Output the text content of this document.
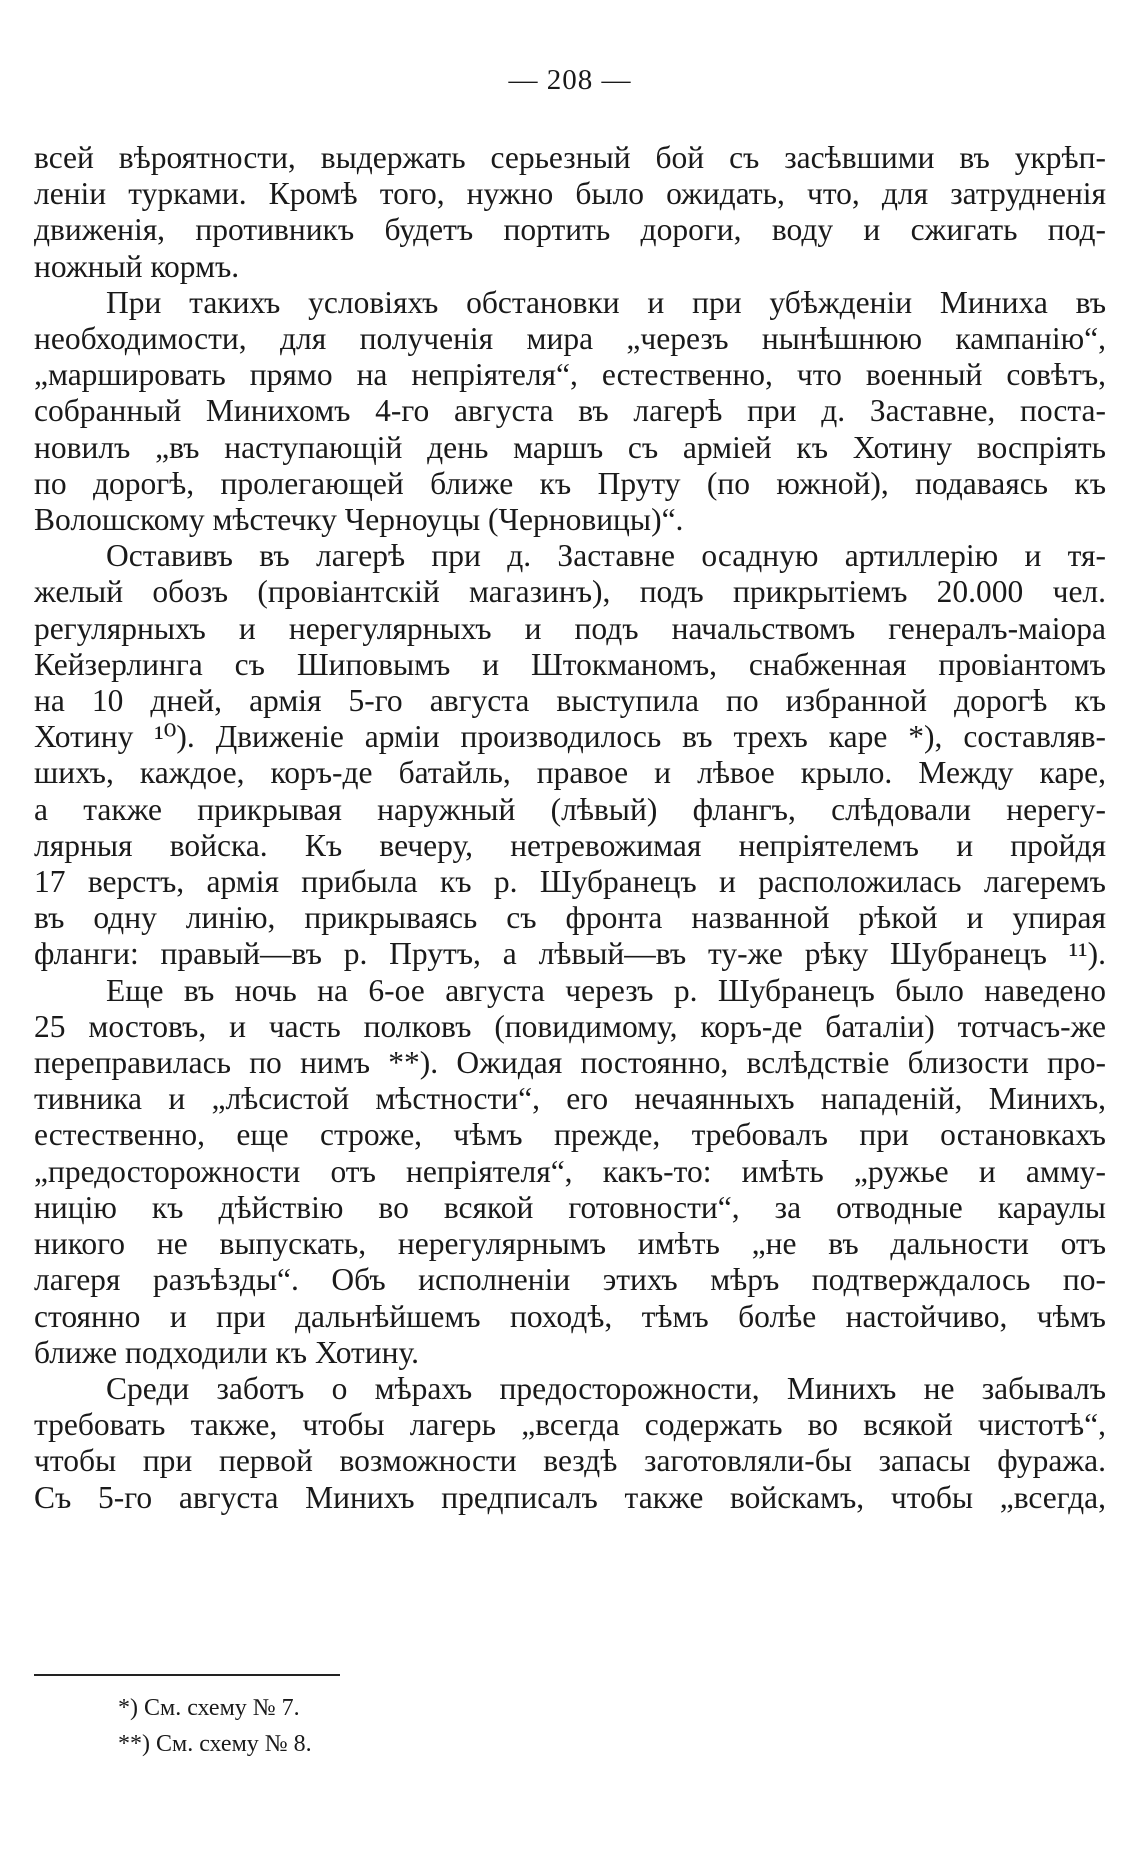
— 208 —
всей вѣроятности, выдержать серьезный бой съ засѣвшими въ укрѣп-
леніи турками. Кромѣ того, нужно было ожидать, что, для затрудненія
движенія, противникъ будетъ портить дороги, воду и сжигать под-
ножный кормъ.
При такихъ условіяхъ обстановки и при убѣжденіи Миниха въ
необходимости, для полученія мира „черезъ нынѣшнюю кампанію“,
„марширoвать прямо на непріятеля“, естественно, что военный совѣтъ,
собранный Минихомъ 4-го августа въ лагерѣ при д. Заставне, поста-
новилъ „въ наступающій день маршъ съ арміей къ Хотину воспріять
по дорогѣ, пролегающей ближе къ Пруту (по южной), подаваясь къ
Волошскому мѣстечку Черноуцы (Черновицы)“.
Оставивъ въ лагерѣ при д. Заставне осадную артиллерію и тя-
желый обозъ (провіантскій магазинъ), подъ прикрытіемъ 20.000 чел.
регулярныхъ и нерегулярныхъ и подъ начальствомъ генералъ-маіора
Кейзерлинга съ Шиповымъ и Штокманомъ, снабженная провіантомъ
на 10 дней, армія 5-го августа выступила по избранной дорогѣ къ
Хотину ¹⁰). Движеніе арміи производилось въ трехъ каре *), составляв-
шихъ, каждое, коръ-де батайль, правое и лѣвое крыло. Между каре,
а также прикрывая наружный (лѣвый) флангъ, слѣдовали нерегу-
лярныя войска. Къ вечеру, нетревожимая непріятелемъ и пройдя
17 верстъ, армія прибыла къ р. Шубранецъ и расположилась лагеремъ
въ одну линію, прикрываясь съ фронта названной рѣкой и упирая
фланги: правый—въ р. Прутъ, а лѣвый—въ ту-же рѣку Шубранецъ ¹¹).
Еще въ ночь на 6-ое августа черезъ р. Шубранецъ было наведено
25 мостовъ, и часть полковъ (повидимому, коръ-де баталіи) тотчасъ-же
переправилась по нимъ **). Ожидая постоянно, вслѣдствіе близости про-
тивника и „лѣсистой мѣстности“, его нечаянныхъ нападеній, Минихъ,
естественно, еще строже, чѣмъ прежде, требовалъ при остановкахъ
„предосторожности отъ непріятеля“, какъ-то: имѣть „ружье и амму-
ницію къ дѣйствію во всякой готовности“, за отводные караулы
никого не выпускать, нерегулярнымъ имѣть „не въ дальности отъ
лагеря разъѣзды“. Объ исполненіи этихъ мѣръ подтверждалось по-
стоянно и при дальнѣйшемъ походѣ, тѣмъ болѣе настойчиво, чѣмъ
ближе подходили къ Хотину.
Среди заботъ о мѣрахъ предосторожности, Минихъ не забывалъ
требовать также, чтобы лагерь „всегда содержать во всякой чистотѣ“,
чтобы при первой возможности вездѣ заготовляли-бы запасы фуража.
Съ 5-го августа Минихъ предписалъ также войскамъ, чтобы „всегда,
*) См. схему № 7.
**) См. схему № 8.
